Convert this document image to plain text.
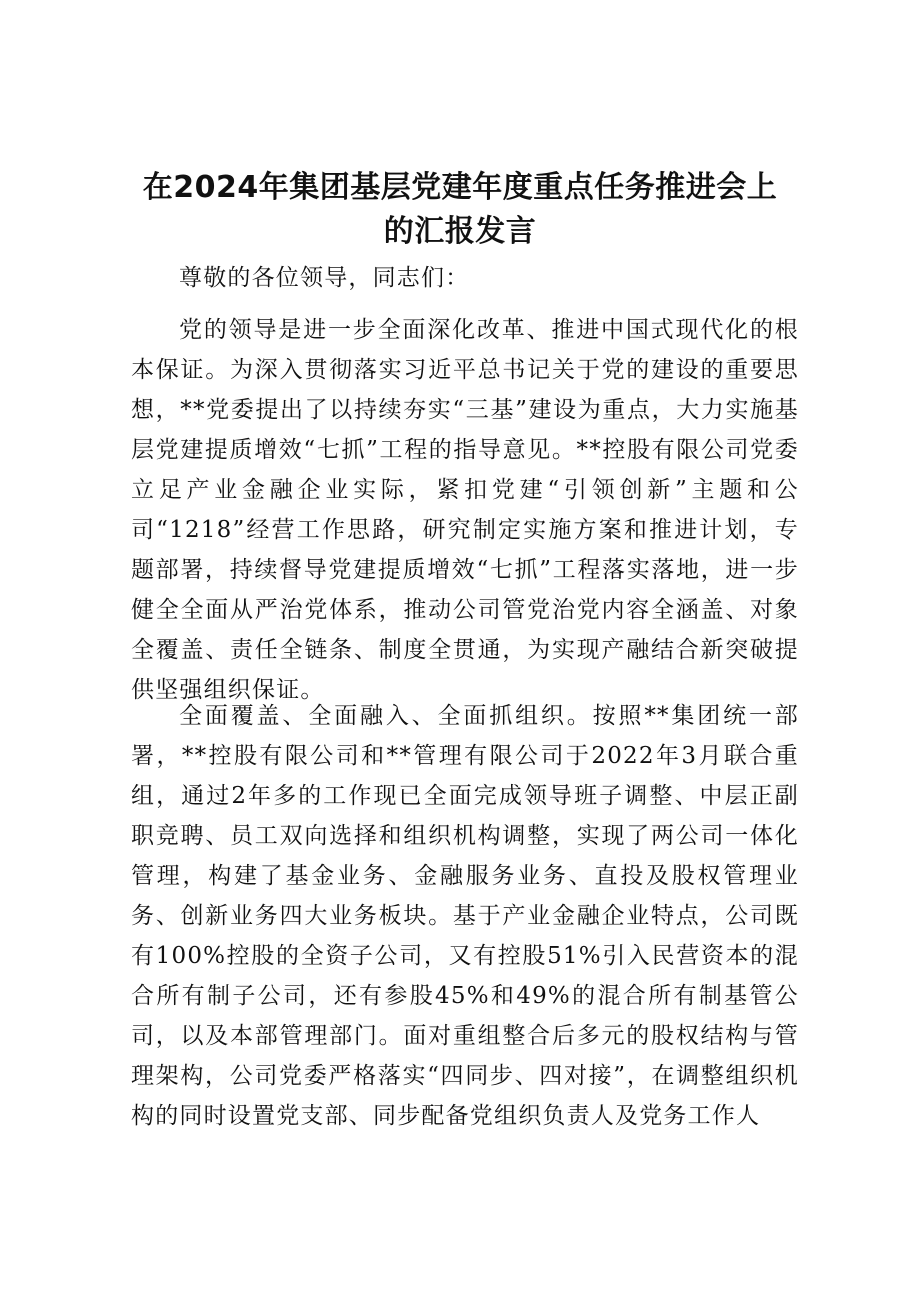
在2024年集团基层党建年度重点任务推进会上
的汇报发言

尊敬的各位领导，同志们：

党的领导是进一步全面深化改革、推进中国式现代化的根本保证。为深入贯彻落实习近平总书记关于党的建设的重要思想，**党委提出了以持续夯实“三基”建设为重点，大力实施基层党建提质增效“七抓”工程的指导意见。**控股有限公司党委立足产业金融企业实际，紧扣党建“引领创新”主题和公司“1218”经营工作思路，研究制定实施方案和推进计划，专题部署，持续督导党建提质增效“七抓”工程落实落地，进一步健全全面从严治党体系，推动公司管党治党内容全涵盖、对象全覆盖、责任全链条、制度全贯通，为实现产融结合新突破提供坚强组织保证。

全面覆盖、全面融入、全面抓组织。按照**集团统一部署，**控股有限公司和**管理有限公司于2022年3月联合重组，通过2年多的工作现已全面完成领导班子调整、中层正副职竞聘、员工双向选择和组织机构调整，实现了两公司一体化管理，构建了基金业务、金融服务业务、直投及股权管理业务、创新业务四大业务板块。基于产业金融企业特点，公司既有100%控股的全资子公司，又有控股51%引入民营资本的混合所有制子公司，还有参股45%和49%的混合所有制基管公司，以及本部管理部门。面对重组整合后多元的股权结构与管理架构，公司党委严格落实“四同步、四对接”，在调整组织机构的同时设置党支部、同步配备党组织负责人及党务工作人
